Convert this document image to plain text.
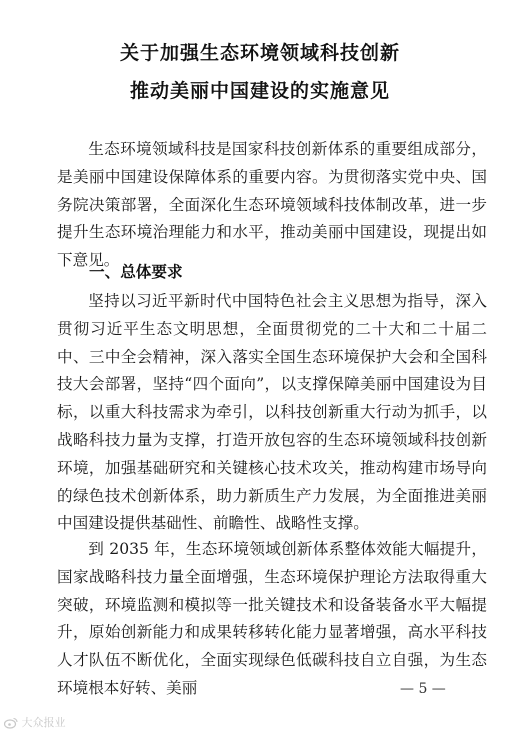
关于加强生态环境领域科技创新
推动美丽中国建设的实施意见

生态环境领域科技是国家科技创新体系的重要组成部分，是美丽中国建设保障体系的重要内容。为贯彻落实党中央、国务院决策部署，全面深化生态环境领域科技体制改革，进一步提升生态环境治理能力和水平，推动美丽中国建设，现提出如下意见。

一、总体要求

坚持以习近平新时代中国特色社会主义思想为指导，深入贯彻习近平生态文明思想，全面贯彻党的二十大和二十届二中、三中全会精神，深入落实全国生态环境保护大会和全国科技大会部署，坚持“四个面向”，以支撑保障美丽中国建设为目标，以重大科技需求为牵引，以科技创新重大行动为抓手，以战略科技力量为支撑，打造开放包容的生态环境领域科技创新环境，加强基础研究和关键核心技术攻关，推动构建市场导向的绿色技术创新体系，助力新质生产力发展，为全面推进美丽中国建设提供基础性、前瞻性、战略性支撑。

到 2035 年，生态环境领域创新体系整体效能大幅提升，国家战略科技力量全面增强，生态环境保护理论方法取得重大突破，环境监测和模拟等一批关键技术和设备装备水平大幅提升，原始创新能力和成果转移转化能力显著增强，高水平科技人才队伍不断优化，全面实现绿色低碳科技自立自强，为生态环境根本好转、美丽	— 5 —
大众报业
